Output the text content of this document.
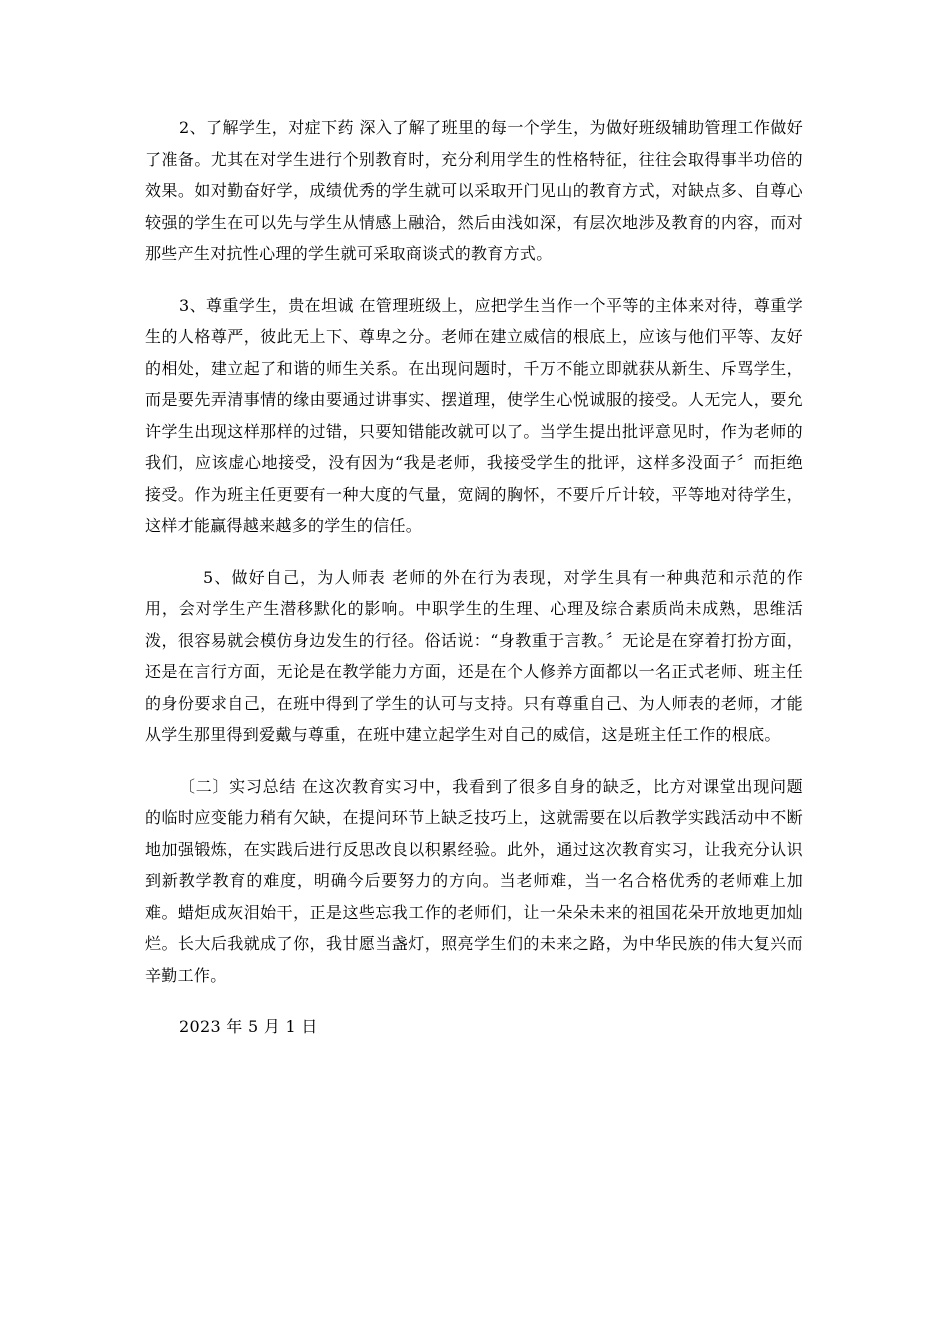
2、了解学生，对症下药 深入了解了班里的每一个学生，为做好班级辅助管理工作做好了准备。尤其在对学生进行个别教育时，充分利用学生的性格特征，往往会取得事半功倍的效果。如对勤奋好学，成绩优秀的学生就可以采取开门见山的教育方式，对缺点多、自尊心较强的学生在可以先与学生从情感上融洽，然后由浅如深，有层次地涉及教育的内容，而对那些产生对抗性心理的学生就可采取商谈式的教育方式。

3、尊重学生，贵在坦诚 在管理班级上，应把学生当作一个平等的主体来对待，尊重学生的人格尊严，彼此无上下、尊卑之分。老师在建立威信的根底上，应该与他们平等、友好的相处，建立起了和谐的师生关系。在出现问题时，千万不能立即就获从新生、斥骂学生，而是要先弄清事情的缘由要通过讲事实、摆道理，使学生心悦诚服的接受。人无完人，要允许学生出现这样那样的过错，只要知错能改就可以了。当学生提出批评意见时，作为老师的我们，应该虚心地接受，没有因为“我是老师，我接受学生的批评，这样多没面子〞而拒绝接受。作为班主任更要有一种大度的气量，宽阔的胸怀，不要斤斤计较，平等地对待学生，这样才能赢得越来越多的学生的信任。

5、做好自己，为人师表 老师的外在行为表现，对学生具有一种典范和示范的作用，会对学生产生潜移默化的影响。中职学生的生理、心理及综合素质尚未成熟，思维活泼，很容易就会模仿身边发生的行径。俗话说：“身教重于言教。〞无论是在穿着打扮方面，还是在言行方面，无论是在教学能力方面，还是在个人修养方面都以一名正式老师、班主任的身份要求自己，在班中得到了学生的认可与支持。只有尊重自己、为人师表的老师，才能从学生那里得到爱戴与尊重，在班中建立起学生对自己的威信，这是班主任工作的根底。

〔二〕实习总结 在这次教育实习中，我看到了很多自身的缺乏，比方对课堂出现问题的临时应变能力稍有欠缺，在提问环节上缺乏技巧上，这就需要在以后教学实践活动中不断地加强锻炼，在实践后进行反思改良以积累经验。此外，通过这次教育实习，让我充分认识到新教学教育的难度，明确今后要努力的方向。当老师难，当一名合格优秀的老师难上加难。蜡炬成灰泪始干，正是这些忘我工作的老师们，让一朵朵未来的祖国花朵开放地更加灿烂。长大后我就成了你，我甘愿当盏灯，照亮学生们的未来之路，为中华民族的伟大复兴而辛勤工作。

2023 年 5 月 1 日
